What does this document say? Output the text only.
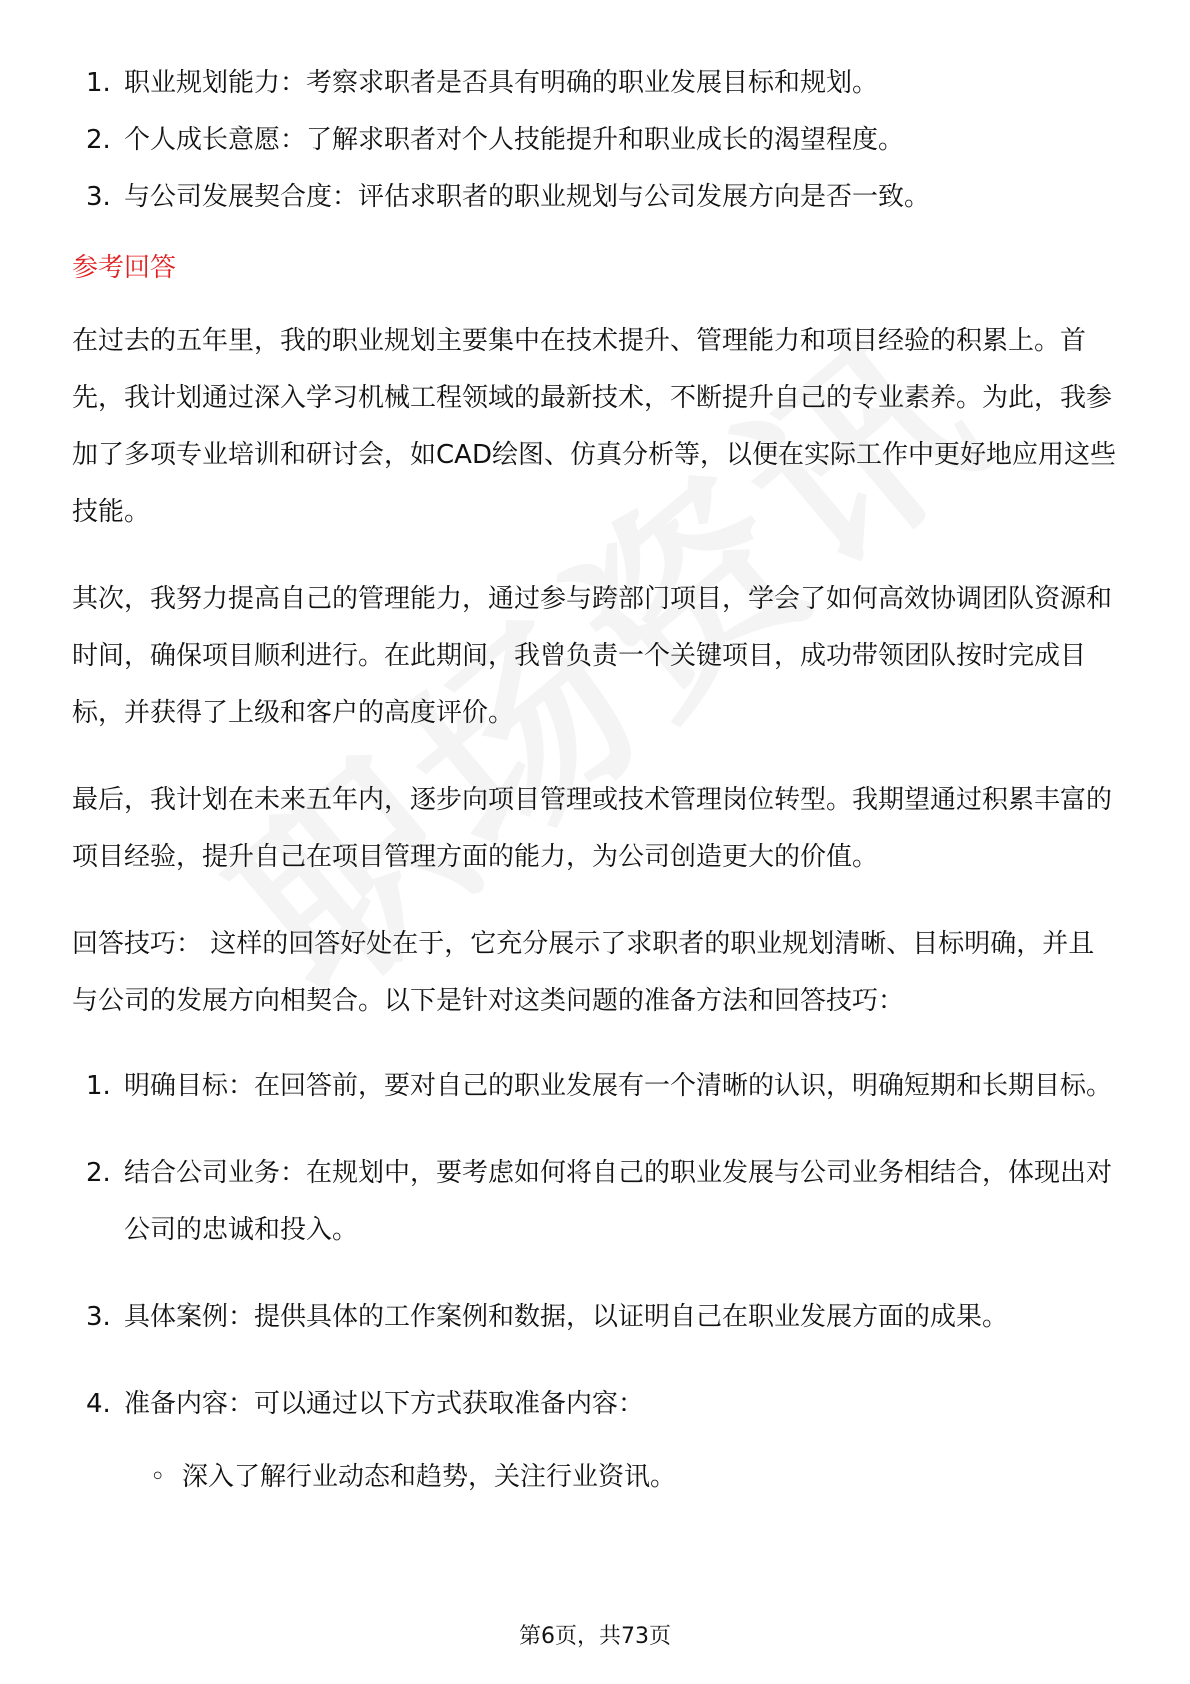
1. 职业规划能力：考察求职者是否具有明确的职业发展目标和规划。
2. 个人成长意愿：了解求职者对个人技能提升和职业成长的渴望程度。
3. 与公司发展契合度：评估求职者的职业规划与公司发展方向是否一致。
参考回答
在过去的五年里，我的职业规划主要集中在技术提升、管理能力和项目经验的积累上。首先，我计划通过深入学习机械工程领域的最新技术，不断提升自己的专业素养。为此，我参加了多项专业培训和研讨会，如CAD绘图、仿真分析等，以便在实际工作中更好地应用这些技能。
其次，我努力提高自己的管理能力，通过参与跨部门项目，学会了如何高效协调团队资源和时间，确保项目顺利进行。在此期间，我曾负责一个关键项目，成功带领团队按时完成目标，并获得了上级和客户的高度评价。
最后，我计划在未来五年内，逐步向项目管理或技术管理岗位转型。我期望通过积累丰富的项目经验，提升自己在项目管理方面的能力，为公司创造更大的价值。
回答技巧： 这样的回答好处在于，它充分展示了求职者的职业规划清晰、目标明确，并且与公司的发展方向相契合。以下是针对这类问题的准备方法和回答技巧：
1. 明确目标：在回答前，要对自己的职业发展有一个清晰的认识，明确短期和长期目标。
2. 结合公司业务：在规划中，要考虑如何将自己的职业发展与公司业务相结合，体现出对公司的忠诚和投入。
3. 具体案例：提供具体的工作案例和数据，以证明自己在职业发展方面的成果。
4. 准备内容：可以通过以下方式获取准备内容：
◦ 深入了解行业动态和趋势，关注行业资讯。
第6页，共73页
